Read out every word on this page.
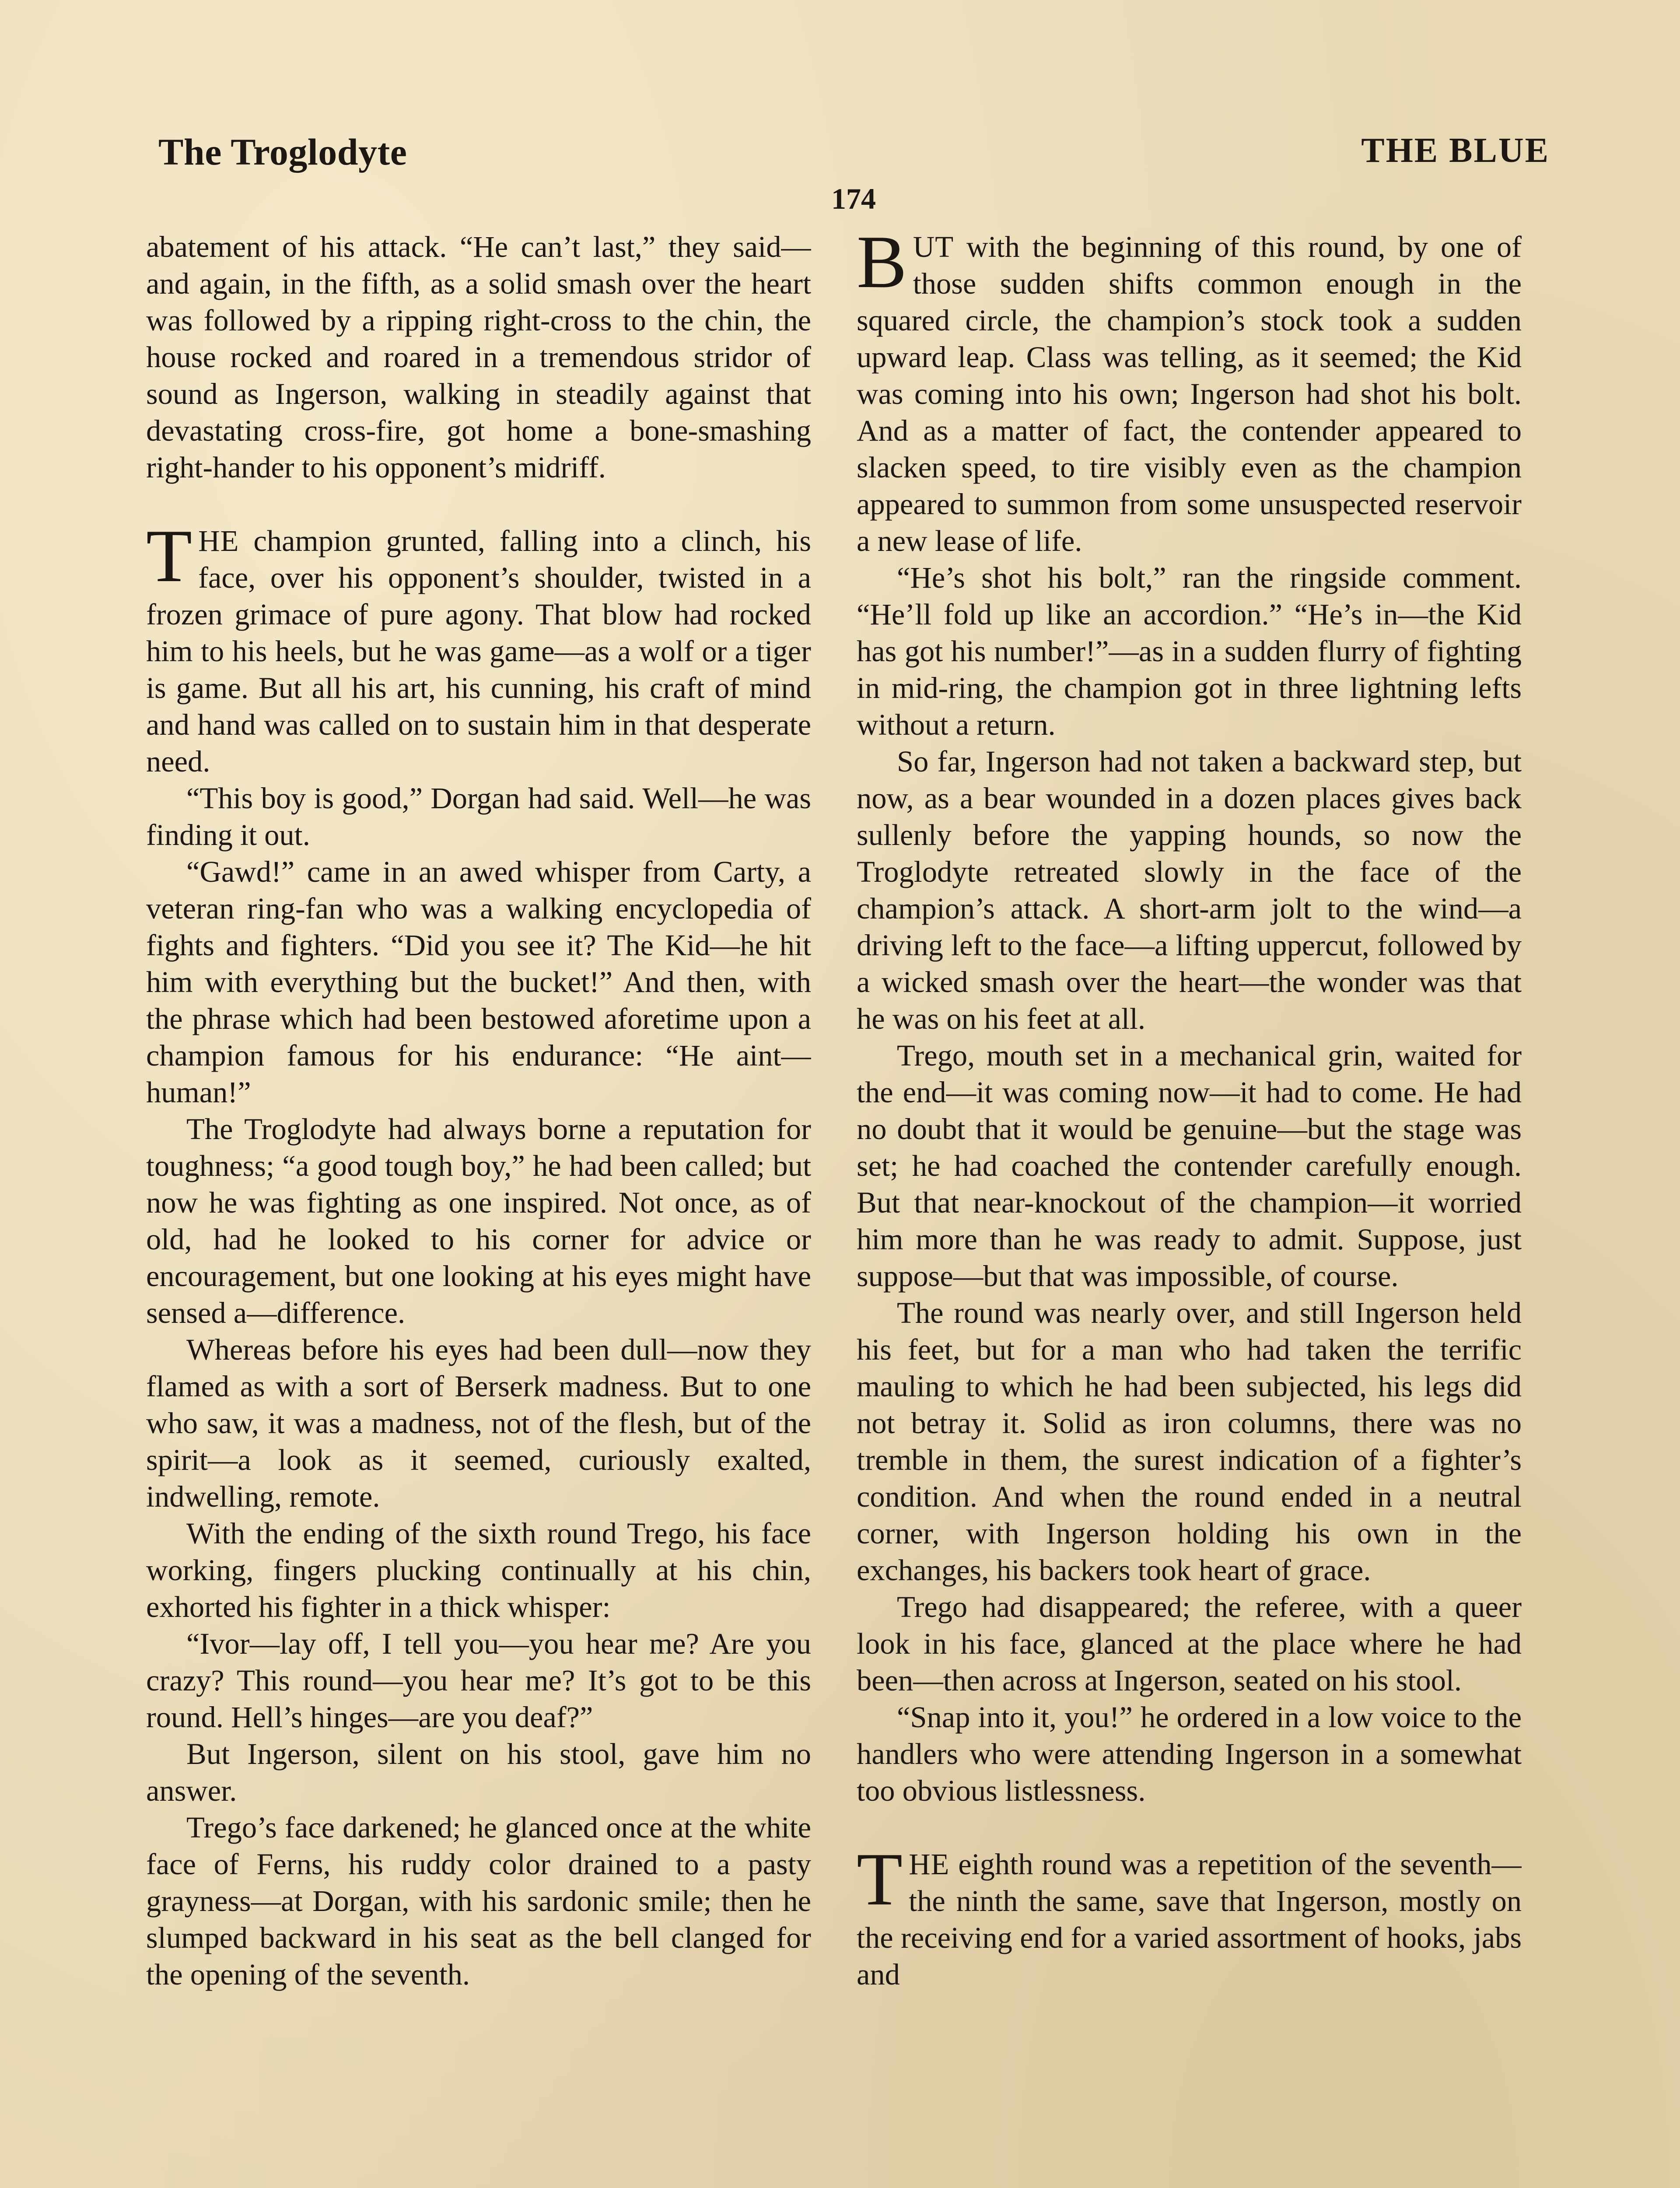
The Troglodyte	THE BLUE
174

abatement of his attack. “He can’t last,” they said—and again, in the fifth, as a solid smash over the heart was followed by a ripping right-cross to the chin, the house rocked and roared in a tremendous stridor of sound as Ingerson, walking in steadily against that devastating cross-fire, got home a bone-smashing right-hander to his opponent’s midriff.

THE champion grunted, falling into a clinch, his face, over his opponent’s shoulder, twisted in a frozen grimace of pure agony. That blow had rocked him to his heels, but he was game—as a wolf or a tiger is game. But all his art, his cunning, his craft of mind and hand was called on to sustain him in that desperate need.

“This boy is good,” Dorgan had said. Well—he was finding it out.

“Gawd!” came in an awed whisper from Carty, a veteran ring-fan who was a walking encyclopedia of fights and fighters. “Did you see it? The Kid—he hit him with everything but the bucket!” And then, with the phrase which had been bestowed aforetime upon a champion famous for his endurance: “He aint—human!”

The Troglodyte had always borne a reputation for toughness; “a good tough boy,” he had been called; but now he was fighting as one inspired. Not once, as of old, had he looked to his corner for advice or encouragement, but one looking at his eyes might have sensed a—difference.

Whereas before his eyes had been dull—now they flamed as with a sort of Berserk madness. But to one who saw, it was a madness, not of the flesh, but of the spirit—a look as it seemed, curiously exalted, indwelling, remote.

With the ending of the sixth round Trego, his face working, fingers plucking continually at his chin, exhorted his fighter in a thick whisper:

“Ivor—lay off, I tell you—you hear me? Are you crazy? This round—you hear me? It’s got to be this round. Hell’s hinges—are you deaf?”

But Ingerson, silent on his stool, gave him no answer.

Trego’s face darkened; he glanced once at the white face of Ferns, his ruddy color drained to a pasty grayness—at Dorgan, with his sardonic smile; then he slumped backward in his seat as the bell clanged for the opening of the seventh.

BUT with the beginning of this round, by one of those sudden shifts common enough in the squared circle, the champion’s stock took a sudden upward leap. Class was telling, as it seemed; the Kid was coming into his own; Ingerson had shot his bolt. And as a matter of fact, the contender appeared to slacken speed, to tire visibly even as the champion appeared to summon from some unsuspected reservoir a new lease of life.

“He’s shot his bolt,” ran the ringside comment. “He’ll fold up like an accordion.” “He’s in—the Kid has got his number!”—as in a sudden flurry of fighting in mid-ring, the champion got in three lightning lefts without a return.

So far, Ingerson had not taken a backward step, but now, as a bear wounded in a dozen places gives back sullenly before the yapping hounds, so now the Troglodyte retreated slowly in the face of the champion’s attack. A short-arm jolt to the wind—a driving left to the face—a lifting uppercut, followed by a wicked smash over the heart—the wonder was that he was on his feet at all.

Trego, mouth set in a mechanical grin, waited for the end—it was coming now—it had to come. He had no doubt that it would be genuine—but the stage was set; he had coached the contender carefully enough. But that near-knockout of the champion—it worried him more than he was ready to admit. Suppose, just suppose—but that was impossible, of course.

The round was nearly over, and still Ingerson held his feet, but for a man who had taken the terrific mauling to which he had been subjected, his legs did not betray it. Solid as iron columns, there was no tremble in them, the surest indication of a fighter’s condition. And when the round ended in a neutral corner, with Ingerson holding his own in the exchanges, his backers took heart of grace.

Trego had disappeared; the referee, with a queer look in his face, glanced at the place where he had been—then across at Ingerson, seated on his stool.

“Snap into it, you!” he ordered in a low voice to the handlers who were attending Ingerson in a somewhat too obvious listlessness.

THE eighth round was a repetition of the seventh—the ninth the same, save that Ingerson, mostly on the receiving end for a varied assortment of hooks, jabs and
